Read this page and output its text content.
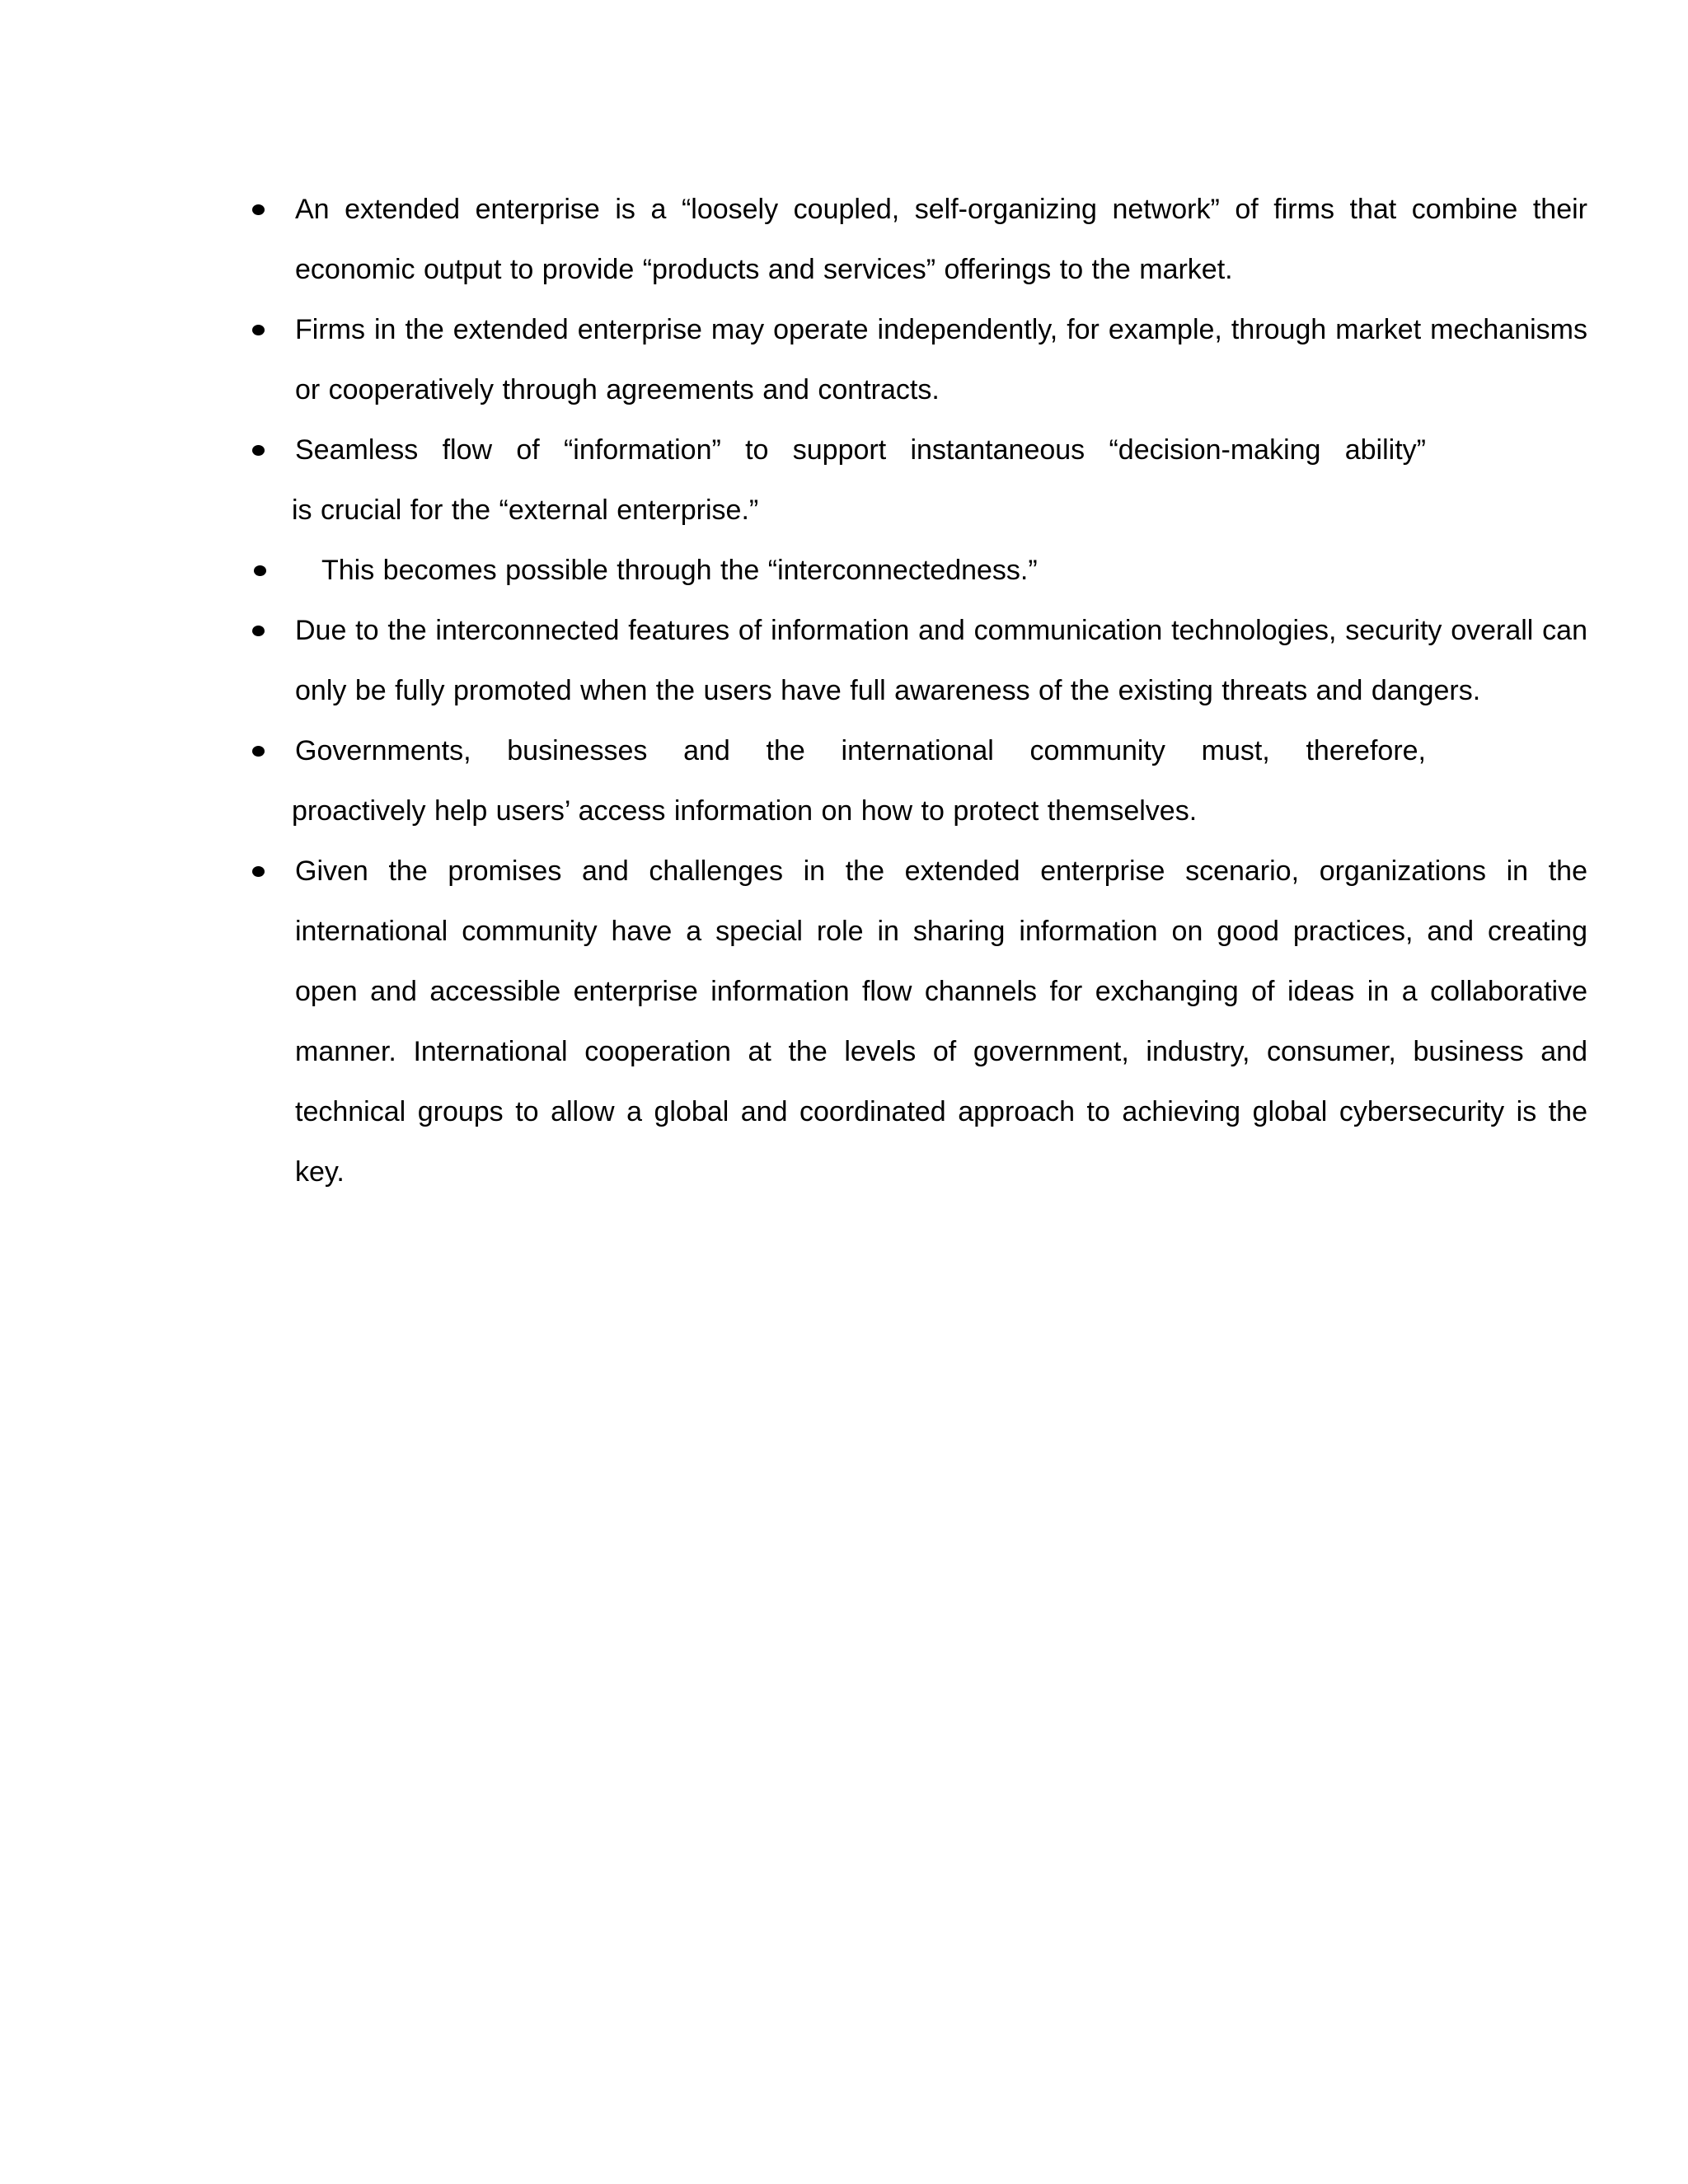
An extended enterprise is a “loosely coupled, self-organizing network” of firms that combine their economic output to provide “products and services” offerings to the market.
Firms in the extended enterprise may operate independently, for example, through market mechanisms or cooperatively through agreements and contracts.
Seamless flow of “information” to support instantaneous “decision-making ability”
is crucial for the “external enterprise.”
This becomes possible through the “interconnectedness.”
Due to the interconnected features of information and communication technologies, security overall can only be fully promoted when the users have full awareness of the existing threats and dangers.
Governments, businesses and the international community must, therefore,
proactively help users’ access information on how to protect themselves.
Given the promises and challenges in the extended enterprise scenario, organizations in the international community have a special role in sharing information on good practices, and creating open and accessible enterprise information flow channels for exchanging of ideas in a collaborative manner. International cooperation at the levels of government, industry, consumer, business and technical groups to allow a global and coordinated approach to achieving global cybersecurity is the key.
